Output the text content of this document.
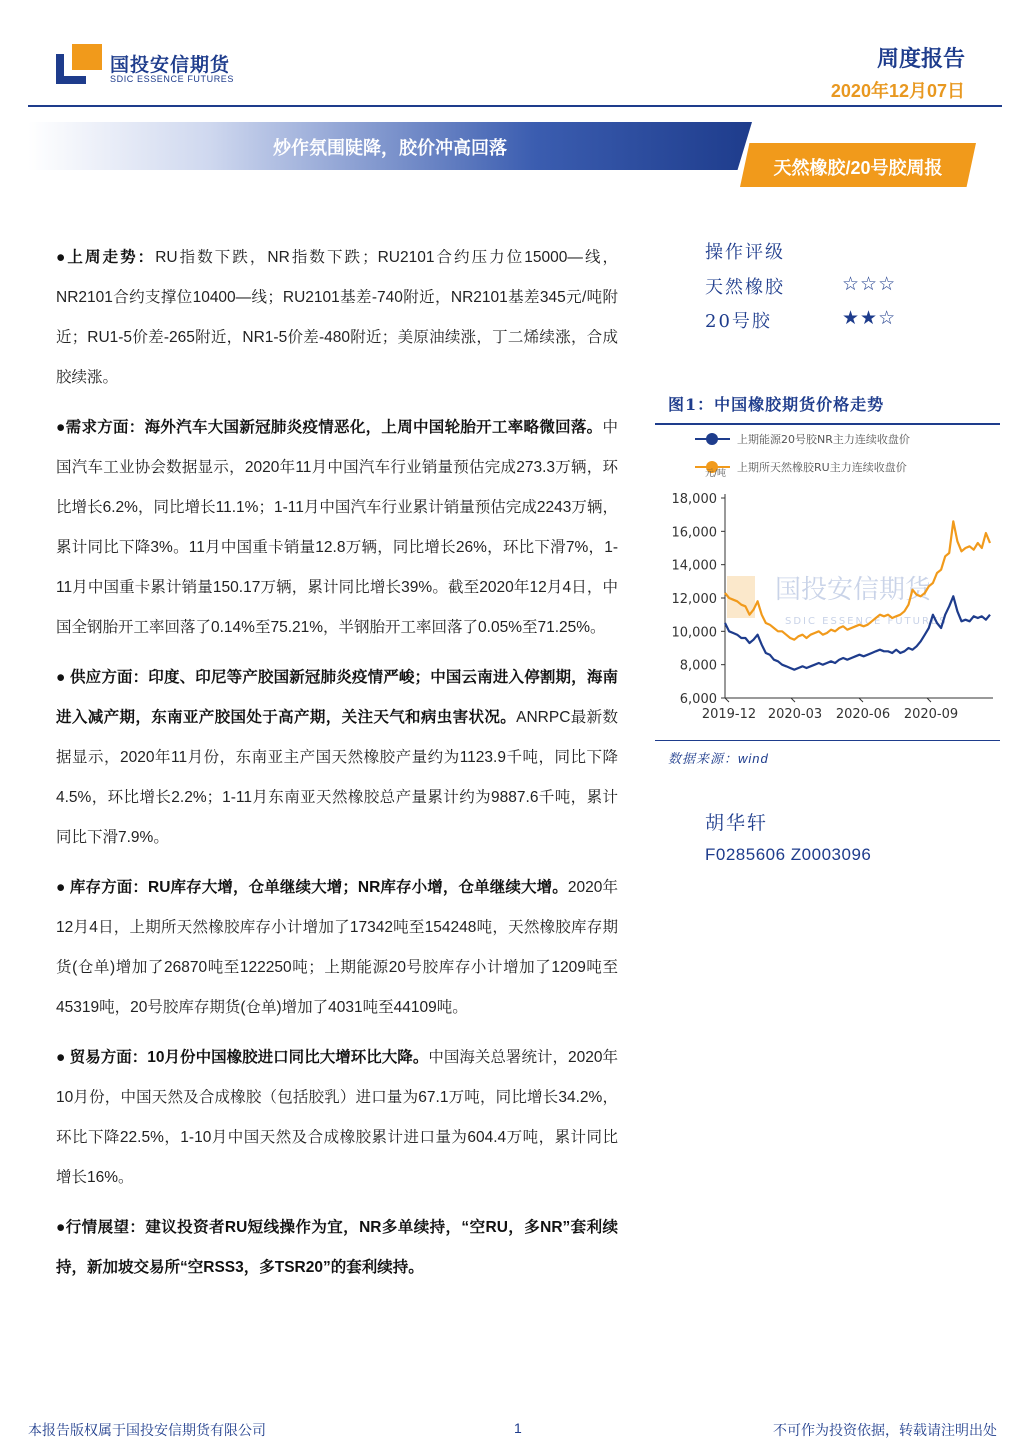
国投安信期货
SDIC ESSENCE FUTURES
周度报告
2020年12月07日
炒作氛围陡降，胶价冲高回落
天然橡胶/20号胶周报

●上周走势：RU指数下跌，NR指数下跌；RU2101合约压力位15000—线，NR2101合约支撑位10400—线；RU2101基差-740附近，NR2101基差345元/吨附近；RU1-5价差-265附近，NR1-5价差-480附近；美原油续涨，丁二烯续涨，合成胶续涨。

●需求方面：海外汽车大国新冠肺炎疫情恶化，上周中国轮胎开工率略微回落。中国汽车工业协会数据显示，2020年11月中国汽车行业销量预估完成273.3万辆，环比增长6.2%，同比增长11.1%；1-11月中国汽车行业累计销量预估完成2243万辆，累计同比下降3%。11月中国重卡销量12.8万辆，同比增长26%，环比下滑7%，1-11月中国重卡累计销量150.17万辆，累计同比增长39%。截至2020年12月4日，中国全钢胎开工率回落了0.14%至75.21%，半钢胎开工率回落了0.05%至71.25%。

● 供应方面：印度、印尼等产胶国新冠肺炎疫情严峻；中国云南进入停割期，海南进入减产期，东南亚产胶国处于高产期，关注天气和病虫害状况。ANRPC最新数据显示，2020年11月份，东南亚主产国天然橡胶产量约为1123.9千吨，同比下降4.5%，环比增长2.2%；1-11月东南亚天然橡胶总产量累计约为9887.6千吨，累计同比下滑7.9%。

● 库存方面：RU库存大增，仓单继续大增；NR库存小增，仓单继续大增。2020年12月4日，上期所天然橡胶库存小计增加了17342吨至154248吨，天然橡胶库存期货(仓单)增加了26870吨至122250吨；上期能源20号胶库存小计增加了1209吨至45319吨，20号胶库存期货(仓单)增加了4031吨至44109吨。

● 贸易方面：10月份中国橡胶进口同比大增环比大降。中国海关总署统计，2020年10月份，中国天然及合成橡胶（包括胶乳）进口量为67.1万吨，同比增长34.2%，环比下降22.5%，1-10月中国天然及合成橡胶累计进口量为604.4万吨，累计同比增长16%。

●行情展望：建议投资者RU短线操作为宜，NR多单续持，“空RU，多NR”套利续持，新加坡交易所“空RSS3，多TSR20”的套利续持。

操作评级
天然橡胶	☆☆☆
20号胶	★★☆
图1：中国橡胶期货价格走势
上期能源20号胶NR主力连续收盘价
上期所天然橡胶RU主力连续收盘价
元/吨
国投安信期货
SDIC ESSENCE FUTURES
6,000
8,000
10,000
12,000
14,000
16,000
18,000
2019-12 2020-03 2020-06 2020-09
数据来源：wind
胡华轩
F0285606 Z0003096
本报告版权属于国投安信期货有限公司	1	不可作为投资依据，转载请注明出处
